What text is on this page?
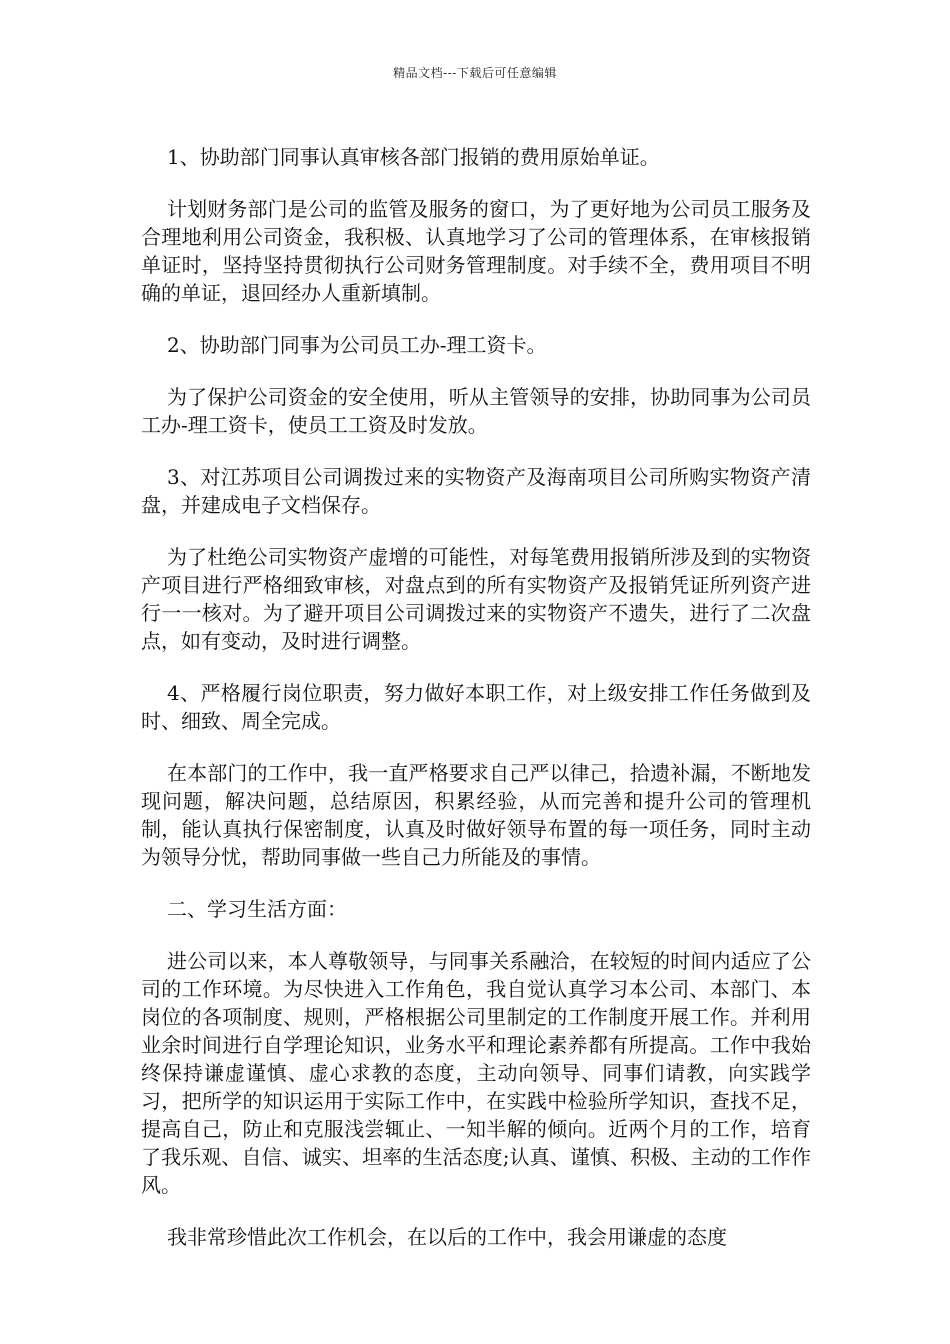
精品文档---下载后可任意编辑

1、协助部门同事认真审核各部门报销的费用原始单证。

计划财务部门是公司的监管及服务的窗口，为了更好地为公司员工服务及合理地利用公司资金，我积极、认真地学习了公司的管理体系，在审核报销单证时，坚持坚持贯彻执行公司财务管理制度。对手续不全，费用项目不明确的单证，退回经办人重新填制。

2、协助部门同事为公司员工办-理工资卡。

为了保护公司资金的安全使用，听从主管领导的安排，协助同事为公司员工办-理工资卡，使员工工资及时发放。

3、对江苏项目公司调拨过来的实物资产及海南项目公司所购实物资产清盘，并建成电子文档保存。

为了杜绝公司实物资产虚增的可能性，对每笔费用报销所涉及到的实物资产项目进行严格细致审核，对盘点到的所有实物资产及报销凭证所列资产进行一一核对。为了避开项目公司调拨过来的实物资产不遗失，进行了二次盘点，如有变动，及时进行调整。

4、严格履行岗位职责，努力做好本职工作，对上级安排工作任务做到及时、细致、周全完成。

在本部门的工作中，我一直严格要求自己严以律己，拾遗补漏，不断地发现问题，解决问题，总结原因，积累经验，从而完善和提升公司的管理机制，能认真执行保密制度，认真及时做好领导布置的每一项任务，同时主动为领导分忧，帮助同事做一些自己力所能及的事情。

二、学习生活方面：

进公司以来，本人尊敬领导，与同事关系融洽，在较短的时间内适应了公司的工作环境。为尽快进入工作角色，我自觉认真学习本公司、本部门、本岗位的各项制度、规则，严格根据公司里制定的工作制度开展工作。并利用业余时间进行自学理论知识，业务水平和理论素养都有所提高。工作中我始终保持谦虚谨慎、虚心求教的态度，主动向领导、同事们请教，向实践学习，把所学的知识运用于实际工作中，在实践中检验所学知识，查找不足，提高自己，防止和克服浅尝辄止、一知半解的倾向。近两个月的工作，培育了我乐观、自信、诚实、坦率的生活态度;认真、谨慎、积极、主动的工作作风。

我非常珍惜此次工作机会，在以后的工作中，我会用谦虚的态度
